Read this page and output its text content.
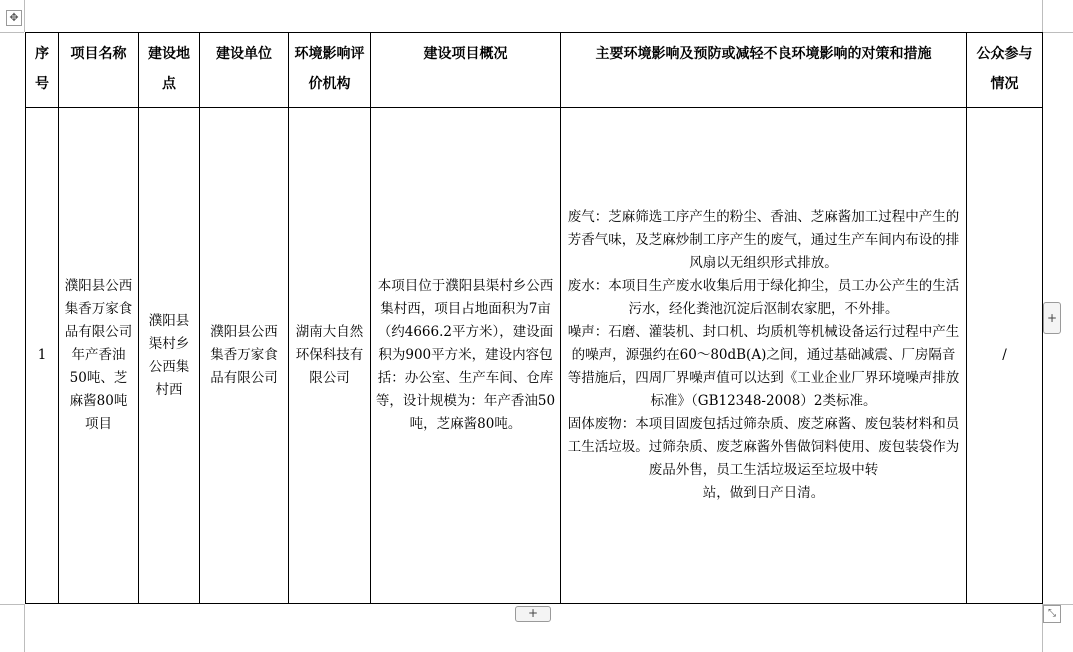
✥
序号	项目名称	建设地点	建设单位	环境影响评价机构	建设项目概况	主要环境影响及预防或减轻不良环境影响的对策和措施	公众参与情况
1	濮阳县公西集香万家食品有限公司年产香油50吨、芝麻酱80吨项目	濮阳县渠村乡公西集村西	濮阳县公西集香万家食品有限公司	湖南大自然环保科技有限公司	本项目位于濮阳县渠村乡公西集村西，项目占地面积为7亩（约4666.2平方米），建设面积为900平方米，建设内容包括：办公室、生产车间、仓库等，设计规模为：年产香油50吨，芝麻酱80吨。	废气：芝麻筛选工序产生的粉尘、香油、芝麻酱加工过程中产生的芳香气味，及芝麻炒制工序产生的废气，通过生产车间内布设的排风扇以无组织形式排放。
废水：本项目生产废水收集后用于绿化抑尘，员工办公产生的生活污水，经化粪池沉淀后沤制农家肥，不外排。
噪声：石磨、灌装机、封口机、均质机等机械设备运行过程中产生的噪声，源强约在60～80dB(A)之间，通过基础减震、厂房隔音等措施后，四周厂界噪声值可以达到《工业企业厂界环境噪声排放标准》（GB12348-2008）2类标准。
固体废物：本项目固废包括过筛杂质、废芝麻酱、废包装材料和员工生活垃圾。过筛杂质、废芝麻酱外售做饲料使用、废包装袋作为废品外售，员工生活垃圾运至垃圾中转
站，做到日产日清。	/
+
+
⤡
